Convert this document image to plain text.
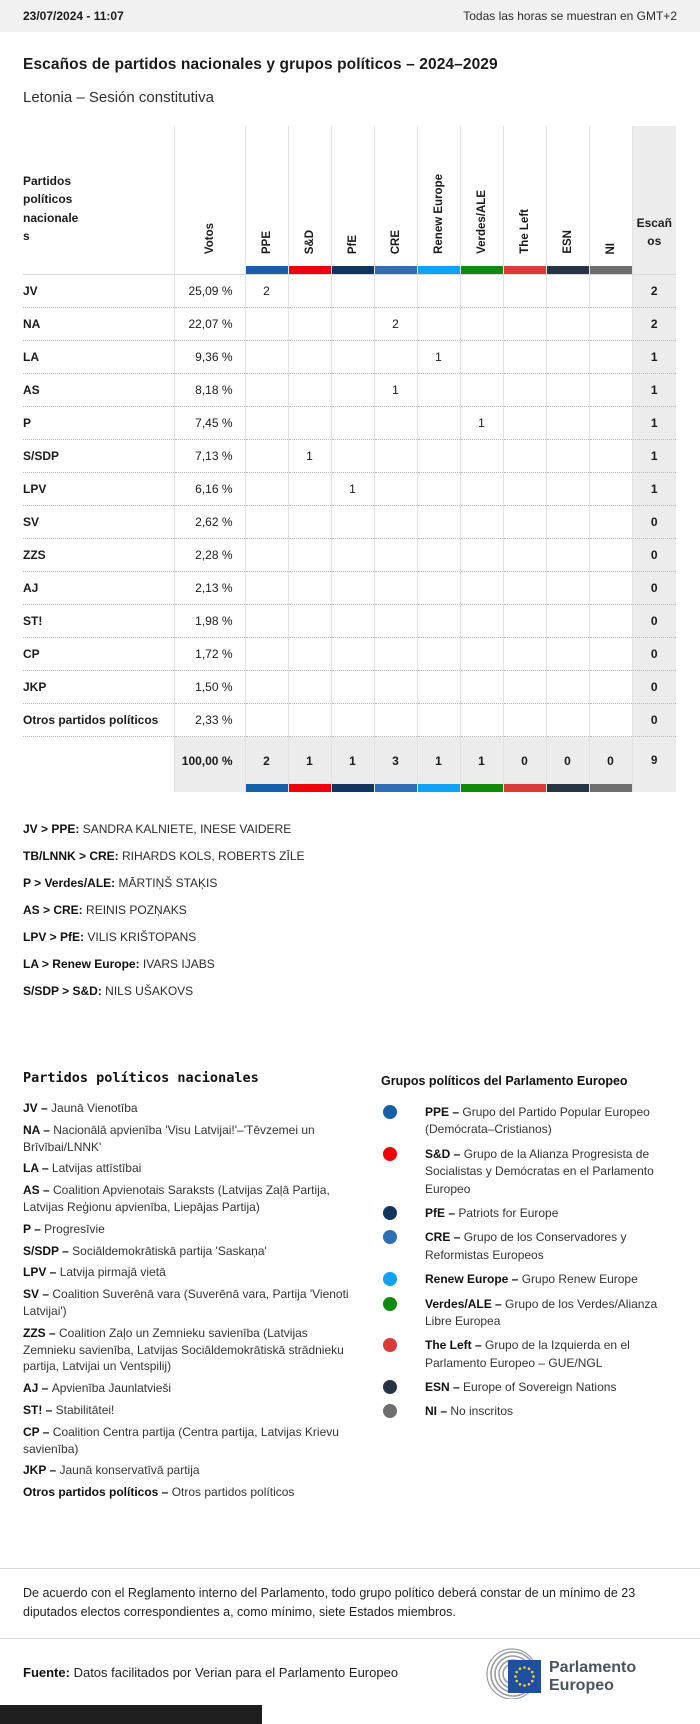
23/07/2024 - 11:07	Todas las horas se muestran en GMT+2
Escaños de partidos nacionales y grupos políticos – 2024–2029
Letonia – Sesión constitutiva
Partidos políticos nacionales	Votos	PPE	S&D	PfE	CRE	Renew Europe	Verdes/ALE	The Left	ESN	NI	Escaños

JV	25,09 %	2									2
NA	22,07 %				2						2
LA	9,36 %					1					1
AS	8,18 %				1						1
P	7,45 %						1				1
S/SDP	7,13 %		1								1
LPV	6,16 %			1							1
SV	2,62 %										0
ZZS	2,28 %										0
AJ	2,13 %										0
ST!	1,98 %										0
CP	1,72 %										0
JKP	1,50 %										0
Otros partidos políticos	2,33 %										0
	100,00 %	2	1	1	3	1	1	0	0	0	9

JV > PPE: SANDRA KALNIETE, INESE VAIDERE

TB/LNNK > CRE: RIHARDS KOLS, ROBERTS ZĪLE

P > Verdes/ALE: MĀRTIŅŠ STAĶIS

AS > CRE: REINIS POZŅAKS

LPV > PfE: VILIS KRIŠTOPANS

LA > Renew Europe: IVARS IJABS

S/SDP > S&D: NILS UŠAKOVS

Partidos políticos nacionales
JV – Jaunā Vienotība
NA – Nacionālā apvienība 'Visu Latvijai!'–'Tēvzemei un Brīvībai/LNNK'
LA – Latvijas attīstībai
AS – Coalition Apvienotais Saraksts (Latvijas Zaļā Partija, Latvijas Reģionu apvienība, Liepājas Partija)
P – Progresīvie
S/SDP – Sociāldemokrātiskā partija 'Saskaņa'
LPV – Latvija pirmajā vietā
SV – Coalition Suverēnā vara (Suverēnā vara, Partija 'Vienoti Latvijai')
ZZS – Coalition Zaļo un Zemnieku savienība (Latvijas Zemnieku savienība, Latvijas Sociāldemokrātiskā strādnieku partija, Latvijai un Ventspilij)
AJ – Apvienība Jaunlatvieši
ST! – Stabilitātei!
CP – Coalition Centra partija (Centra partija, Latvijas Krievu savienība)
JKP – Jaunā konservatīvā partija
Otros partidos políticos – Otros partidos políticos
Grupos políticos del Parlamento Europeo
PPE – Grupo del Partido Popular Europeo (Demócrata–Cristianos)
S&D – Grupo de la Alianza Progresista de Socialistas y Demócratas en el Parlamento Europeo
PfE – Patriots for Europe
CRE – Grupo de los Conservadores y Reformistas Europeos
Renew Europe – Grupo Renew Europe
Verdes/ALE – Grupo de los Verdes/Alianza Libre Europea
The Left – Grupo de la Izquierda en el Parlamento Europeo – GUE/NGL
ESN – Europe of Sovereign Nations
NI – No inscritos
De acuerdo con el Reglamento interno del Parlamento, todo grupo político deberá constar de un mínimo de 23 diputados electos correspondientes a, como mínimo, siete Estados miembros.
Fuente: Datos facilitados por Verian para el Parlamento Europeo	Parlamento
Europeo
